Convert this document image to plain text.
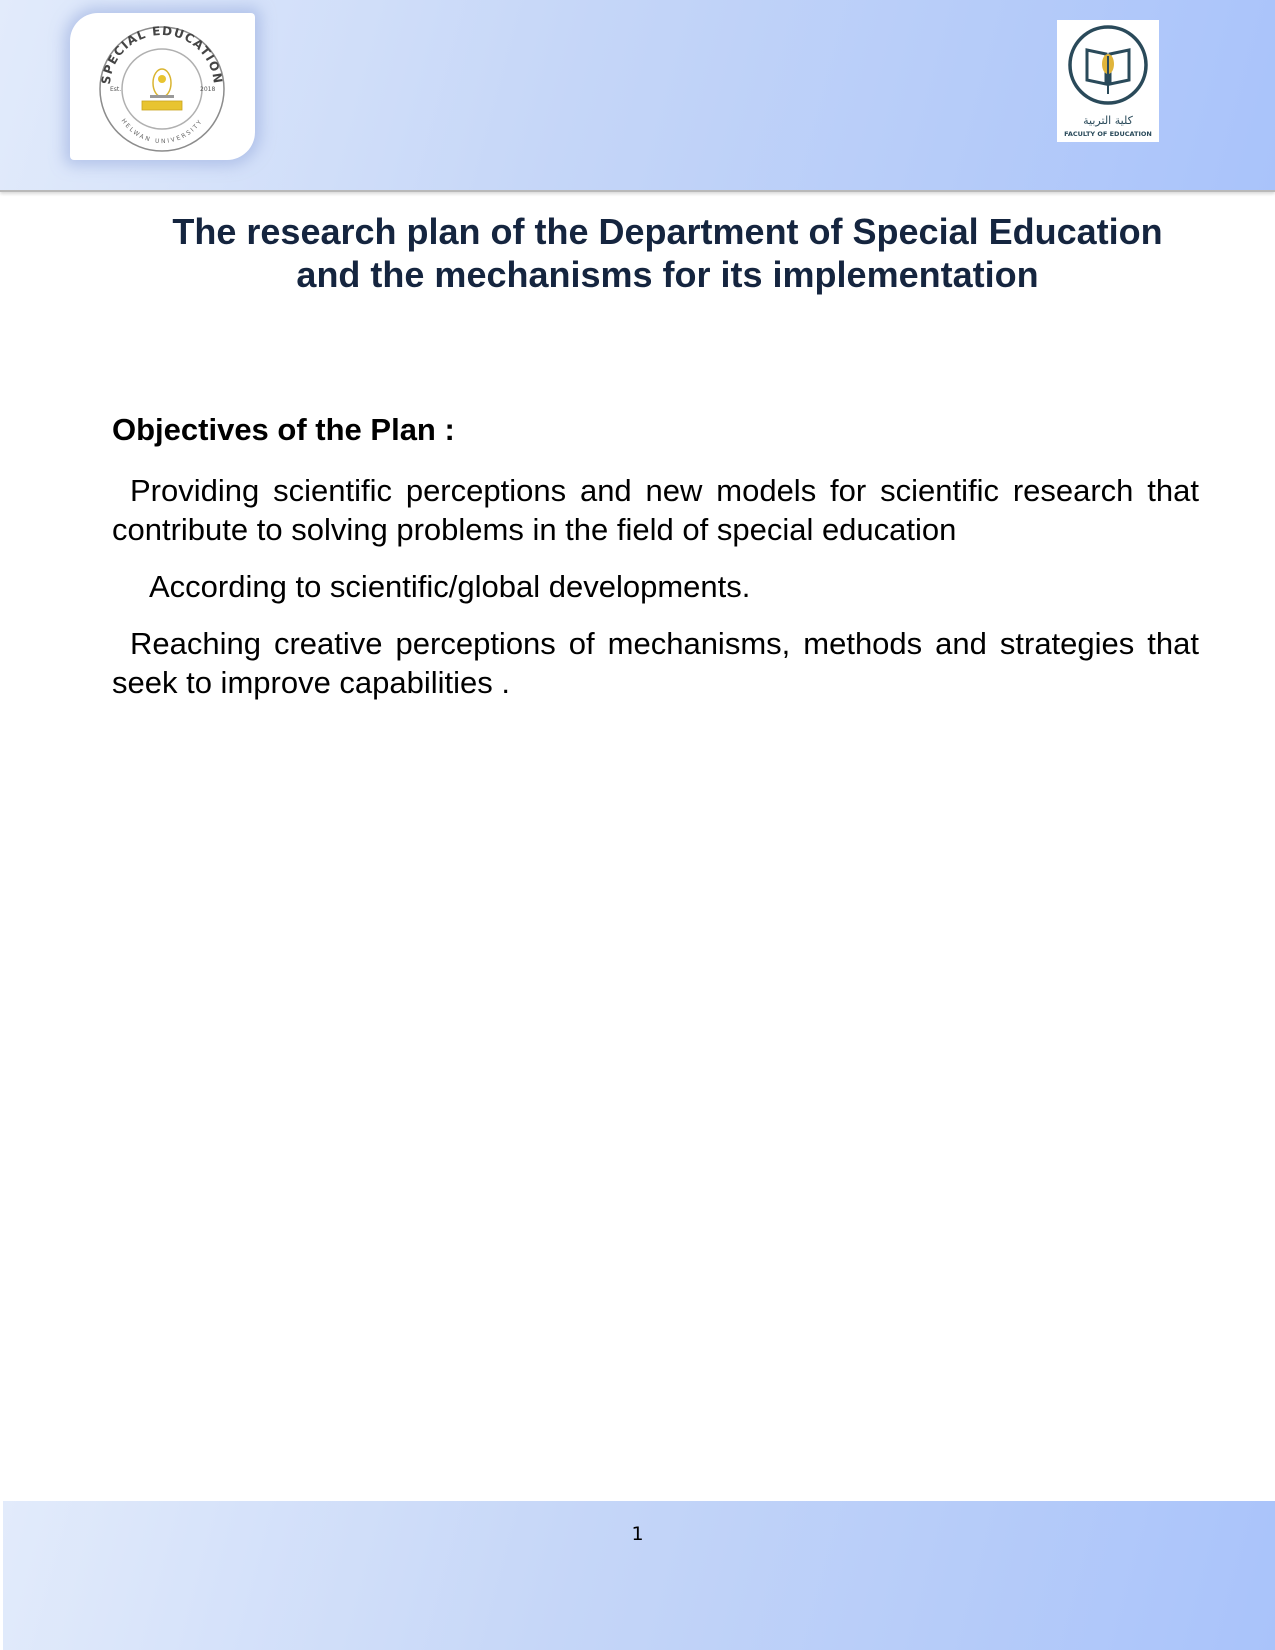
SPECIAL EDUCATION
HELWAN UNIVERSITY
Est.	2018
كلية التربية
FACULTY OF EDUCATION
The research plan of the Department of Special Education
and the mechanisms for its implementation
Objectives of the Plan :

Providing scientific perceptions and new models for scientific research that contribute to solving problems in the field of special education

According to scientific/global developments.

Reaching creative perceptions of mechanisms, methods and strategies that seek to improve capabilities .

1
